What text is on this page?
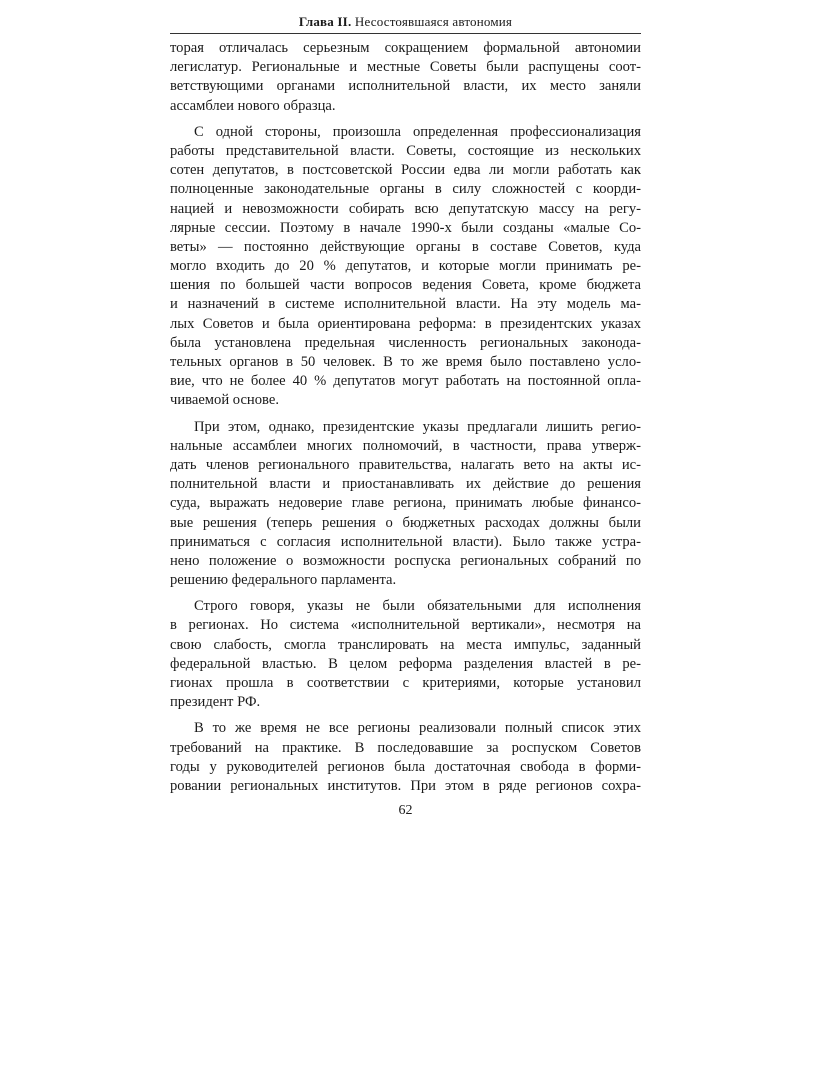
Глава II. Несостоявшаяся автономия
торая отличалась серьезным сокращением формальной автономии
легислатур. Региональные и местные Советы были распущены соот-
ветствующими органами исполнительной власти, их место заняли
ассамблеи нового образца.
С одной стороны, произошла определенная профессионализация
работы представительной власти. Советы, состоящие из нескольких
сотен депутатов, в постсоветской России едва ли могли работать как
полноценные законодательные органы в силу сложностей с коорди-
нацией и невозможности собирать всю депутатскую массу на регу-
лярные сессии. Поэтому в начале 1990-х были созданы «малые Со-
веты» — постоянно действующие органы в составе Советов, куда
могло входить до 20 % депутатов, и которые могли принимать ре-
шения по большей части вопросов ведения Совета, кроме бюджета
и назначений в системе исполнительной власти. На эту модель ма-
лых Советов и была ориентирована реформа: в президентских указах
была установлена предельная численность региональных законода-
тельных органов в 50 человек. В то же время было поставлено усло-
вие, что не более 40 % депутатов могут работать на постоянной опла-
чиваемой основе.
При этом, однако, президентские указы предлагали лишить регио-
нальные ассамблеи многих полномочий, в частности, права утверж-
дать членов регионального правительства, налагать вето на акты ис-
полнительной власти и приостанавливать их действие до решения
суда, выражать недоверие главе региона, принимать любые финансо-
вые решения (теперь решения о бюджетных расходах должны были
приниматься с согласия исполнительной власти). Было также устра-
нено положение о возможности роспуска региональных собраний по
решению федерального парламента.
Строго говоря, указы не были обязательными для исполнения
в регионах. Но система «исполнительной вертикали», несмотря на
свою слабость, смогла транслировать на места импульс, заданный
федеральной властью. В целом реформа разделения властей в ре-
гионах прошла в соответствии с критериями, которые установил
президент РФ.
В то же время не все регионы реализовали полный список этих
требований на практике. В последовавшие за роспуском Советов
годы у руководителей регионов была достаточная свобода в форми-
ровании региональных институтов. При этом в ряде регионов сохра-
62
